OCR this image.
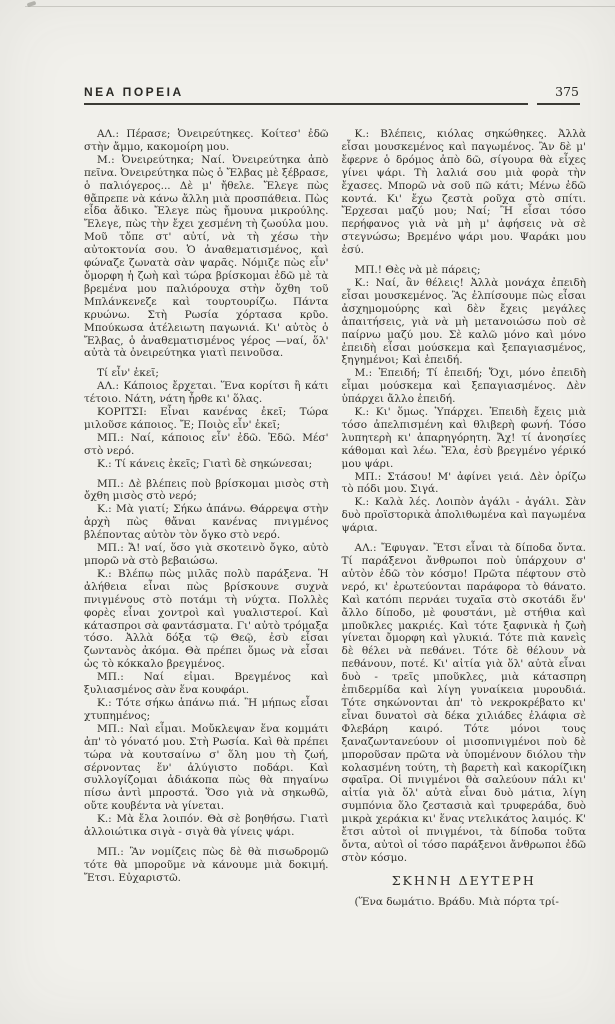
ΝΕΑ ΠΟΡΕΙΑ	375

ΑΛ.: Πέρασε; Ὀνειρεύτηκες. Κοίτεσ' ἐδῶ στὴν ἄμμο, κακομοίρη μου.

Μ.: Ὀνειρεύτηκα; Ναί. Ὀνειρεύτηκα ἀπὸ πεῖνα. Ὀνειρεύτηκα πὼς ὁ Ἔλβας μὲ ξέβρασε, ὁ παλιόγερος... Δὲ μ' ἤθελε. Ἔλεγε πὼς θἄπρεπε νὰ κάνω ἄλλη μιὰ προσπάθεια. Πὼς εἶδα ἄδικο. Ἔλεγε πὼς ἤμουνα μικρούλης. Ἔλεγε, πὼς τὴν ἔχει χεσμένη τὴ ζωούλα μου. Μοῦ τὄπε στ' αὐτί, νὰ τὴ χέσω τὴν αὐτοκτονία σου. Ὁ ἀναθεματισμένος, καὶ φώναζε ζωνατὰ σὰν ψαρᾶς. Νόμιζε πὼς εἶν' ὄμορφη ἡ ζωὴ καὶ τώρα βρίσκομαι ἐδῶ μὲ τὰ βρεμένα μου παλιόρουχα στὴν ὄχθη τοῦ Μπλάνκενεζε καὶ τουρτουρίζω. Πάντα κρυώνω. Στὴ Ρωσία χόρτασα κρῦο. Μπούκωσα ἀτέλειωτη παγωνιά. Κι' αὐτὸς ὁ Ἔλβας, ὁ ἀναθεματισμένος γέρος —ναί, ὅλ' αὐτὰ τὰ ὀνειρεύτηκα γιατὶ πεινοῦσα.

Τί εἶν' ἐκεῖ;

ΑΛ.: Κάποιος ἔρχεται. Ἕνα κορίτσι ἢ κάτι τέτοιο. Νάτη, νάτη ἦρθε κι' ὅλας.

ΚΟΡΙΤΣΙ: Εἶναι κανένας ἐκεῖ; Τώρα μιλοῦσε κάποιος. Ἔ; Ποιὸς εἶν' ἐκεῖ;

ΜΠ.: Ναί, κάποιος εἶν' ἐδῶ. Ἐδῶ. Μέσ' στὸ νερό.

Κ.: Τί κάνεις ἐκεῖς; Γιατὶ δὲ σηκώνεσαι;

ΜΠ.: Δὲ βλέπεις ποὺ βρίσκομαι μισὸς στὴ ὄχθη μισὸς στὸ νερό;

Κ.: Μὰ γιατί; Σήκω ἀπάνω. Θάρρεψα στὴν ἀρχὴ πὼς θἄναι κανένας πνιγμένος βλέποντας αὐτὸν τὸν ὄγκο στὸ νερό.

ΜΠ.: Ἄ! ναί, ὅσο γιὰ σκοτεινὸ ὄγκο, αὐτὸ μπορῶ νὰ στὸ βεβαιώσω.

Κ.: Βλέπω πὼς μιλᾶς πολὺ παράξενα. Ἡ ἀλήθεια εἶναι πὼς βρίσκουνε συχνὰ πνιγμένους στὸ ποτάμι τὴ νύχτα. Πολλὲς φορὲς εἶναι χοντροὶ καὶ γυαλιστεροί. Καὶ κάτασπροι σὰ φαντάσματα. Γι' αὐτὸ τρόμαξα τόσο. Ἀλλὰ δόξα τῷ Θεῷ, ἐσὺ εἶσαι ζωντανὸς ἀκόμα. Θὰ πρέπει ὅμως νὰ εἶσαι ὡς τὸ κόκκαλο βρεγμένος.

ΜΠ.: Ναί εἰμαι. Βρεγμένος καὶ ξυλιασμένος σὰν ἕνα κουφάρι.

Κ.: Τότε σήκω ἀπάνω πιά. Ἢ μήπως εἶσαι χτυπημένος;

ΜΠ.: Ναὶ εἶμαι. Μοὔκλεψαν ἕνα κομμάτι ἀπ' τὸ γόνατό μου. Στὴ Ρωσία. Καὶ θὰ πρέπει τώρα νὰ κουτσαίνω σ' ὅλη μου τὴ ζωή, σέρνοντας ἕν' ἀλύγιστο ποδάρι. Καὶ συλλογίζομαι ἀδιάκοπα πὼς θὰ πηγαίνω πίσω ἀντὶ μπροστά. Ὅσο γιὰ νὰ σηκωθῶ, οὔτε κουβέντα νὰ γίνεται.

Κ.: Μὰ ἔλα λοιπόν. Θὰ σὲ βοηθήσω. Γιατὶ ἀλλοιώτικα σιγὰ - σιγὰ θὰ γίνεις ψάρι.

ΜΠ.: Ἂν νομίζεις πὼς δὲ θὰ πισωδρομῶ τότε θὰ μποροῦμε νὰ κάνουμε μιὰ δοκιμή. Ἔτσι. Εὐχαριστῶ.

Κ.: Βλέπεις, κιόλας σηκώθηκες. Ἀλλὰ εἶσαι μουσκεμένος καὶ παγωμένος. Ἂν δὲ μ' ἔφερνε ὁ δρόμος ἀπὸ δῶ, σίγουρα θὰ εἶχες γίνει ψάρι. Τὴ λαλιά σου μιὰ φορὰ τὴν ἔχασες. Μπορῶ νὰ σοῦ πῶ κάτι; Μένω ἐδῶ κοντά. Κι' ἔχω ζεστὰ ροῦχα στὸ σπίτι. Ἔρχεσαι μαζύ μου; Ναί; Ἢ εἶσαι τόσο περήφανος γιὰ νὰ μὴ μ' ἀφήσεις νὰ σὲ στεγνώσω; Βρεμένο ψάρι μου. Ψαράκι μου ἐσύ.

ΜΠ.! Θὲς νὰ μὲ πάρεις;

Κ.: Ναί, ἂν θέλεις! Ἀλλὰ μονάχα ἐπειδὴ εἶσαι μουσκεμένος. Ἂς ἐλπίσουμε πὼς εἶσαι ἀσχημομούρης καὶ δὲν ἔχεις μεγάλες ἀπαιτήσεις, γιὰ νὰ μὴ μετανοιώσω ποὺ σὲ παίρνω μαζύ μου. Σὲ καλῶ μόνο καὶ μόνο ἐπειδὴ εἶσαι μούσκεμα καὶ ξεπαγιασμένος, ξηγημένοι; Καὶ ἐπειδή.

Μ.: Ἐπειδή; Τί ἐπειδή; Ὄχι, μόνο ἐπειδὴ εἶμαι μούσκεμα καὶ ξεπαγιασμένος. Δὲν ὑπάρχει ἄλλο ἐπειδή.

Κ.: Κι' ὅμως. Ὑπάρχει. Ἐπειδὴ ἔχεις μιὰ τόσο ἀπελπισμένη καὶ θλιβερὴ φωνή. Τόσο λυπητερὴ κι' ἀπαρηγόρητη. Ἄχ! τί ἀνοησίες κάθομαι καὶ λέω. Ἔλα, ἐσὺ βρεγμένο γέρικό μου ψάρι.

ΜΠ.: Στάσου! Μ' ἀφίνει γειά. Δὲν ὁρίζω τὸ πόδι μου. Σιγά.

Κ.: Καλὰ λές. Λοιπὸν ἀγάλι - ἀγάλι. Σὰν δυὸ προϊστορικὰ ἀπολιθωμένα καὶ παγωμένα ψάρια.

ΑΛ.: Ἔφυγαν. Ἔτσι εἶναι τὰ δίποδα ὄντα. Τί παράξενοι ἄνθρωποι ποὺ ὑπάρχουν σ' αὐτὸν ἐδῶ τὸν κόσμο! Πρῶτα πέφτουν στὸ νερό, κι' ἐρωτεύονται παράφορα τὸ θάνατο. Καὶ κατόπι περνάει τυχαῖα στὸ σκοτάδι ἕν' ἄλλο δίποδο, μὲ φουστάνι, μὲ στήθια καὶ μποῦκλες μακριές. Καὶ τότε ξαφνικὰ ἡ ζωὴ γίνεται ὄμορφη καὶ γλυκιά. Τότε πιὰ κανεὶς δὲ θέλει νὰ πεθάνει. Τότε δὲ θέλουν νὰ πεθάνουν, ποτέ. Κι' αἰτία γιὰ ὅλ' αὐτὰ εἶναι δυὸ - τρεῖς μποῦκλες, μιὰ κάτασπρη ἐπιδερμίδα καὶ λίγη γυναίκεια μυρουδιά. Τότε σηκώνονται ἀπ' τὸ νεκροκρέβατο κι' εἶναι δυνατοὶ σὰ δέκα χιλιάδες ἐλάφια σὲ Φλεβάρη καιρό. Τότε μόνοι τους ξαναζωντανεύουν οἱ μισοπνιγμένοι ποὺ δὲ μποροῦσαν πρῶτα νὰ ὑπομένουν διόλου τὴν κολασμένη τούτη, τὴ βαρετὴ καὶ κακορίζικη σφαῖρα. Οἱ πνιγμένοι θὰ σαλεύουν πάλι κι' αἰτία γιὰ ὅλ' αὐτὰ εἶναι δυὸ μάτια, λίγη συμπόνια ὅλο ζεστασιὰ καὶ τρυφεράδα, δυὸ μικρὰ χεράκια κι' ἕνας ντελικάτος λαιμός. Κ' ἔτσι αὐτοὶ οἱ πνιγμένοι, τὰ δίποδα τοῦτα ὄντα, αὐτοὶ οἱ τόσο παράξενοι ἄνθρωποι ἐδῶ στὸν κόσμο.

ΣΚΗΝΗ ΔΕΥΤΕΡΗ

(Ἕνα δωμάτιο. Βράδυ. Μιὰ πόρτα τρί-
